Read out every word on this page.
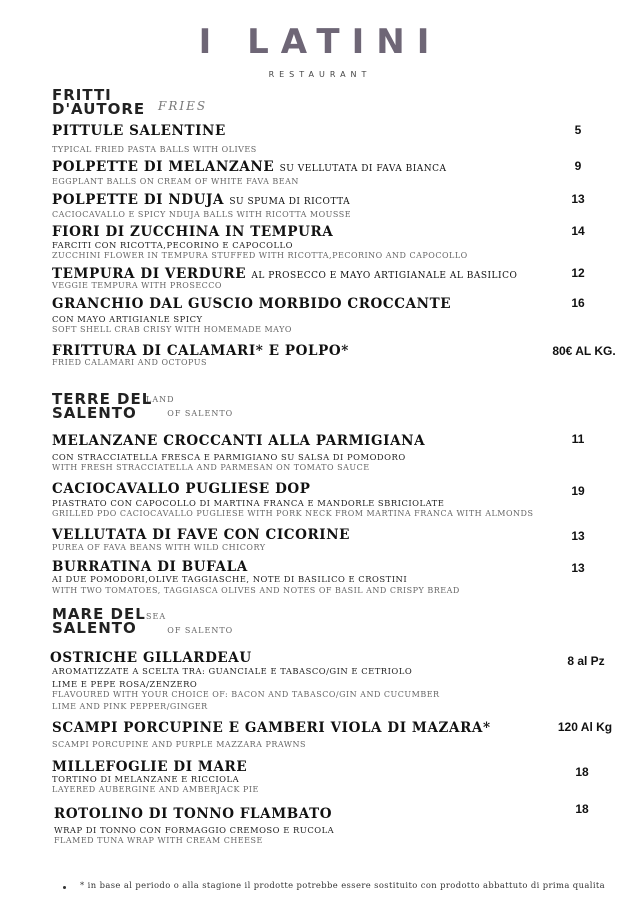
I LATINI
RESTAURANT
FRITTI
D'AUTORE FRIES
PITTULE SALENTINE
TYPICAL FRIED PASTA BALLS WITH OLIVES
5
POLPETTE DI MELANZANE SU VELLUTATA DI FAVA BIANCA
EGGPLANT BALLS ON CREAM OF WHITE FAVA BEAN
9
POLPETTE DI NDUJA SU SPUMA DI RICOTTA
CACIOCAVALLO E SPICY NDUJA BALLS WITH RICOTTA MOUSSE
13
FIORI DI ZUCCHINA IN TEMPURA
FARCITI CON RICOTTA,PECORINO E CAPOCOLLO
ZUCCHINI FLOWER IN TEMPURA STUFFED WITH RICOTTA,PECORINO AND CAPOCOLLO
14
TEMPURA DI VERDURE AL PROSECCO E MAYO ARTIGIANALE AL BASILICO
VEGGIE TEMPURA WITH PROSECCO
12
GRANCHIO DAL GUSCIO MORBIDO CROCCANTE
CON MAYO ARTIGIANLE SPICY
SOFT SHELL CRAB CRISY WITH HOMEMADE MAYO
16
FRITTURA DI CALAMARI* E POLPO*
FRIED CALAMARI AND OCTOPUS
80€ AL KG.
TERRE DEL
SALENTO
LAND
OF SALENTO
MELANZANE CROCCANTI ALLA PARMIGIANA
CON STRACCIATELLA FRESCA E PARMIGIANO SU SALSA DI POMODORO
WITH FRESH STRACCIATELLA AND PARMESAN ON TOMATO SAUCE
11
CACIOCAVALLO PUGLIESE DOP
PIASTRATO CON CAPOCOLLO DI MARTINA FRANCA E MANDORLE SBRICIOLATE
GRILLED PDO CACIOCAVALLO PUGLIESE WITH PORK NECK FROM MARTINA FRANCA WITH ALMONDS
19
VELLUTATA DI FAVE CON CICORINE
PUREA OF FAVA BEANS WITH WILD CHICORY
13
BURRATINA DI BUFALA
AI DUE POMODORI,OLIVE TAGGIASCHE, NOTE DI BASILICO E CROSTINI
WITH TWO TOMATOES, TAGGIASCA OLIVES AND NOTES OF BASIL AND CRISPY BREAD
13
MARE DEL
SALENTO
SEA
OF SALENTO
OSTRICHE GILLARDEAU
AROMATIZZATE A SCELTA TRA: GUANCIALE E TABASCO/GIN E CETRIOLO
LIME E PEPE ROSA/ZENZERO
FLAVOURED WITH YOUR CHOICE OF: BACON AND TABASCO/GIN AND CUCUMBER
LIME AND PINK PEPPER/GINGER
8 al Pz
SCAMPI PORCUPINE E GAMBERI VIOLA DI MAZARA*
SCAMPI PORCUPINE AND PURPLE MAZZARA PRAWNS
120 Al Kg
MILLEFOGLIE DI MARE
TORTINO DI MELANZANE E RICCIOLA
LAYERED AUBERGINE AND AMBERJACK PIE
18
ROTOLINO DI TONNO FLAMBATO
WRAP DI TONNO CON FORMAGGIO CREMOSO E RUCOLA
FLAMED TUNA WRAP WITH CREAM CHEESE
18
* in base al periodo o alla stagione il prodotte potrebbe essere sostituito con prodotto abbattuto di prima qualita
